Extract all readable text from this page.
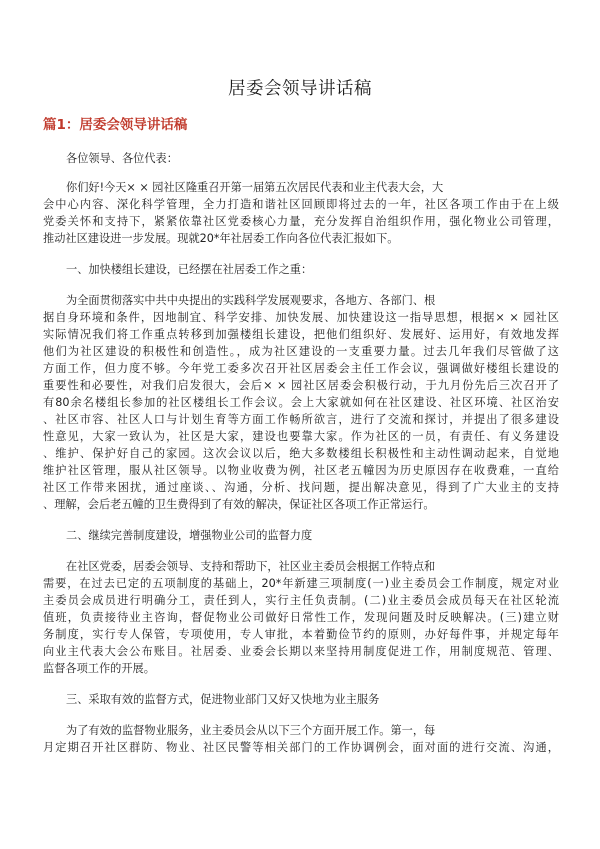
居委会领导讲话稿
篇1：居委会领导讲话稿
各位领导、各位代表：
你们好!今天× × 园社区隆重召开第一届第五次居民代表和业主代表大会，大
会中心内容、深化科学管理，全力打造和谐社区回顾即将过去的一年，社区各项工作由于在上级
党委关怀和支持下，紧紧依靠社区党委核心力量，充分发挥自治组织作用，强化物业公司管理，
推动社区建设进一步发展。现就20*年社居委工作向各位代表汇报如下。
一、加快楼组长建设，已经摆在社居委工作之重：
为全面贯彻落实中共中央提出的实践科学发展观要求，各地方、各部门、根
据自身环境和条件，因地制宜、科学安排、加快发展、加快建设这一指导思想，根据× × 园社区
实际情况我们将工作重点转移到加强楼组长建设，把他们组织好、发展好、运用好，有效地发挥
他们为社区建设的积极性和创造性。，成为社区建设的一支重要力量。过去几年我们尽管做了这
方面工作，但力度不够。今年党工委多次召开社区居委会主任工作会议，强调做好楼组长建设的
重要性和必要性，对我们启发很大，会后× × 园社区居委会积极行动，于九月份先后三次召开了
有80余名楼组长参加的社区楼组长工作会议。会上大家就如何在社区建设、社区环境、社区治安
、社区市容、社区人口与计划生育等方面工作畅所欲言，进行了交流和探讨，并提出了很多建设
性意见，大家一致认为，社区是大家，建设也要靠大家。作为社区的一员，有责任、有义务建设
、维护、保护好自己的家园。这次会议以后，绝大多数楼组长积极性和主动性调动起来，自觉地
维护社区管理，服从社区领导。以物业收费为例，社区老五幢因为历史原因存在收费难，一直给
社区工作带来困扰，通过座谈、、沟通，分析、找问题，提出解决意见，得到了广大业主的支持
、理解，会后老五幢的卫生费得到了有效的解决，保证社区各项工作正常运行。
二、继续完善制度建设，增强物业公司的监督力度
在社区党委，居委会领导、支持和帮助下，社区业主委员会根据工作特点和
需要，在过去已定的五项制度的基础上，20*年新建三项制度(一)业主委员会工作制度，规定对业
主委员会成员进行明确分工，责任到人，实行主任负责制。(二)业主委员会成员每天在社区轮流
值班，负责接待业主咨询，督促物业公司做好日常性工作，发现问题及时反映解决。(三)建立财
务制度，实行专人保管，专项使用，专人审批，本着勤俭节约的原则，办好每件事，并规定每年
向业主代表大会公布账目。社居委、业委会长期以来坚持用制度促进工作，用制度规范、管理、
监督各项工作的开展。
三、采取有效的监督方式，促进物业部门又好又快地为业主服务
为了有效的监督物业服务，业主委员会从以下三个方面开展工作。第一，每
月定期召开社区群防、物业、社区民警等相关部门的工作协调例会，面对面的进行交流、沟通，
